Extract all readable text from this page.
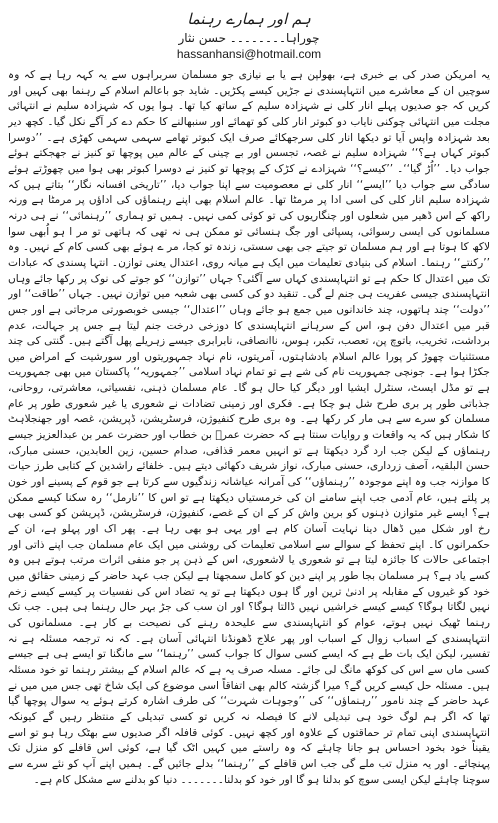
ہم اور ہمارے رہنما
چوراہا۔۔۔۔۔۔۔۔ حسن نثار
hassanhansi@hotmail.com

یہ امریکن صدر کی بے خبری ہے، بھولپن ہے یا بے نیازی جو مسلمان سربراہوں سے یہ کہہ رہا ہے کہ وہ سوچیں ان کے معاشرے میں انتہاپسندی نے جڑیں کیسے پکڑیں۔ شاید جو باعالم اسلام کے رہنما بھی کہیں اور کریں کہ جو صدیوں پہلے انار کلی نے شہزادہ سلیم کے ساتھ کیا تھا۔ ہوا یوں کہ شہزادہ سلیم نے انتہائی مجلت میں انتہائی چوکنی نایاب دو کبوتر انار کلی کو تھمائے اور سنبھالنے کا حکم دے کر آگے نکل گیا۔ کچھ دیر بعد شہزادہ واپس آیا تو دیکھا انار کلی سرجھکائے صرف ایک کبوتر تھامے سہمی سہمی کھڑی ہے۔ ’’دوسرا کبوتر کہاں ہے؟‘‘ شہزادہ سلیم نے غصہ، تجسس اور بے چینی کے عالم میں پوچھا تو کنیز نے جھجکتے ہوئے جواب دیا۔ ’’اُڑ گیا‘‘۔ ’’کیسے؟‘‘ شہزادے نے کڑک کے پوچھا تو کنیز نے دوسرا کبوتر بھی ہوا میں چھوڑتے ہوئے سادگی سے جواب دیا ’’ایسے‘‘ انار کلی نے معصومیت سے اپنا جواب دیا، ’’تاریخی افسانہ نگار‘‘ بتاتے ہیں کہ شہزادہ سلیم انار کلی کی اسی ادا پر مرمٹا تھا۔ عالم اسلام بھی اپنے رہنماؤں کی اداؤں پر مرمٹا ہے ورنہ راکھ کے اس ڈھیر میں شعلوں اور چنگاریوں کی تو کوئی کمی نہیں۔ ہمیں تو ہماری ’’رہنمائی‘‘ نے ہی درنہ مسلمانوں کی ایسی رسوائی، پسپائی اور جگ ہنسائی تو ممکن ہی نہ تھی کہ ہاتھی تو مر ا ہو اُبھی سوا لاکھ کا ہوتا ہے اور ہم مسلمان تو جیتے جی بھی سستی، زندہ تو کجا، مر ے ہوئے بھی کسی کام کے نہیں۔ وہ ’’رکنتے‘‘ رہنما۔ اسلام کی بنیادی تعلیمات میں ایک ہے میانہ روی، اعتدال یعنی توازن۔ انتہا پسندی کہ عبادات تک میں اعتدال کا حکم ہے تو انتہاپسندی کہاں سے آگئی؟ جہاں ’’توازن‘‘ کو جوتے کی نوک پر رکھا جائے وہاں انتہاپسندی جیسی عفریت ہی جنم لے گی۔ تنقید دو کی کسی بھی شعبہ میں توازن نہیں۔ جہاں ’’طاقت‘‘ اور ’’دولت‘‘ چند ہاتھوں، چند خاندانوں میں جمع ہو جائے وہاں ’’اعتدال‘‘ جیسی خوبصورتی مرجاتی ہے اور جس قبر میں اعتدال دفن ہو، اس کے سرہانے انتہاپسندی کا دوزخی درخت جنم لیتا ہے جس پر جہالت، عدم برداشت، تخریب، باتوچ پن، تعصب، تکبر، ہوس، ناانصافی، نابرابری جیسے زہریلے پھل آگتے ہیں۔ گنتی کی چند مستثنیات چھوڑ کر پورا عالم اسلام بادشاہتوں، آمریتوں، نام نہاد جمہوریتوں اور سورشیت کے امراض میں جکڑا ہوا ہے۔ جونچی جمہوریت نام کی شے ہے تو تمام نہاد اسلامی ’’جمہوریہ‘‘ پاکستان میں بھی جمہوریت ہے تو مڈل ایسٹ، سنٹرل ایشیا اور دیگر کیا حال ہو گا۔ عام مسلمان ذہنی، نفسیاتی، معاشرتی، روحانی، جذباتی طور پر بری طرح شل ہو چکا ہے۔ فکری اور زمینی تضادات نے شعوری یا غیر شعوری طور پر عام مسلمان کو سرے سے ہی مار کر رکھا ہے۔ وہ بری طرح کنفیوژن، فرسٹریشن، ڈپریشن، غصہ اور جھنجلاہٹ کا شکار ہیں کہ یہ واقعات و روایات سنتا ہے کہ حضرت عمرؓ بن خطاب اور حضرت عمر بن عبدالعزیز جیسے رہنماؤں کے لیکن جب ارد گرد دیکھتا ہے تو انہیں معمر قذافی، صدام حسین، زین العابدین، حسنی مبارک، حسن البلقیہ، آصف زرداری، حسنی مبارک، نواز شریف دکھائی دیتے ہیں۔ خلفائے راشدین کے کتابی طرز حیات کا موازنہ جب وہ اپنے موجودہ ’’رہنماؤں‘‘ کی آمرانہ عیاشانہ زندگیوں سے کرتا ہے جو قوم کے پسینے اور خون پر پلتے ہیں، عام آدمی جب اپنے سامنے ان کی خرمستیاں دیکھتا ہے تو اس کا ’’نارمل‘‘ رہ سکنا کیسے ممکن ہے؟ ایسے غیر متوازن ذہنوں کو برین واش کر کے ان کے غصے، کنفیوژن، فرسٹریشن، ڈپریشن کو کسی بھی رخ اور شکل میں ڈھال دینا نہایت آسان کام ہے اور یہی ہو بھی رہا ہے۔ پھر اک اور پہلو ہے، ان کے حکمرانوں کا۔ اپنے تحفظ کے سوالے سے اسلامی تعلیمات کی روشنی میں ایک عام مسلمان جب اپنے ذاتی اور اجتماعی حالات کا جائزہ لیتا ہے تو شعوری یا لاشعوری، اس کے ذہن پر جو منفی اثرات مرتب ہوتے ہیں وہ کسے یاد ہے؟ ہر مسلمان بجا طور پر اپنے دین کو کامل سمجھتا ہے لیکن جب عہد حاضر کے زمینی حقائق میں خود کو غیروں کے مقابلہ پر ادنیٰ ترین اور گا ہوں دیکھتا ہے تو یہ تضاد اس کی نفسیات پر کیسے کیسے زخم نہیں لگاتا ہوگا؟ کیسے کیسے خراشیں نہیں ڈالتا ہوگا؟ اور ان سب کی جڑ بہر حال رہنما ہی ہیں۔ جب تک رہنما ٹھیک نہیں ہوتے، عوام کو انتہاپسندی سے علیحدہ رہنے کی نصیحت بے کار ہے۔ مسلمانوں کی انتہاپسندی کے اسباب زوال کے اسباب اور پھر علاج ڈھونڈنا انتہائی آسان ہے۔ کہ نہ ترجمہ مسئلہ ہے نہ تفسیر، لیکن ایک بات طے ہے کہ ایسے کسی سوال کا جواب کسی ’’رہنما‘‘ سے مانگنا تو ایسے ہی ہے جیسے کسی ماں سے اس کی کوکھ مانگ لی جائے۔ مسلہ صرف یہ ہے کہ عالم اسلام کے بیشتر رہنما تو خود مسئلہ ہیں۔ مسئلہ حل کیسے کریں گے؟ میرا گزشتہ کالم بھی اتفاقاً اسی موضوع کی ایک شاخ تھی جس میں میں نے عہد حاضر کے چند نامور ’’رہنماؤں‘‘ کی ’’وجوہات شہرت‘‘ کی طرف اشارہ کرتے ہوئے یہ سوال پوچھا گیا تھا کہ اگر ہم لوگ خود ہی تبدیلی لانے کا فیصلہ نہ کریں تو کسی تبدیلی کے منتظر رہیں گے کیونکہ انتہاپسندی اپنی تمام تر حماقتوں کے علاوہ اور کچھ نہیں۔ کوئی قافلہ اگر صدیوں سے بھٹک رہا ہو تو اسے یقیناً خود بخود احساس ہو جانا چاہئے کہ وہ راستے میں کہیں اٹک گیا ہے، کوئی اس قافلے کو منزل تک پہنچائے۔ اور یہ منزل تب ملے گی جب اس قافلے کے ’’رہنما‘‘ بدلے جائیں گے۔ ہمیں اپنے آپ کو نئے سرے سے سوچنا چاہئے لیکن ایسی سوچ کو بدلنا ہو گا اور خود کو بدلنا۔۔۔۔۔۔۔ دنیا کو بدلنے سے مشکل کام ہے۔
